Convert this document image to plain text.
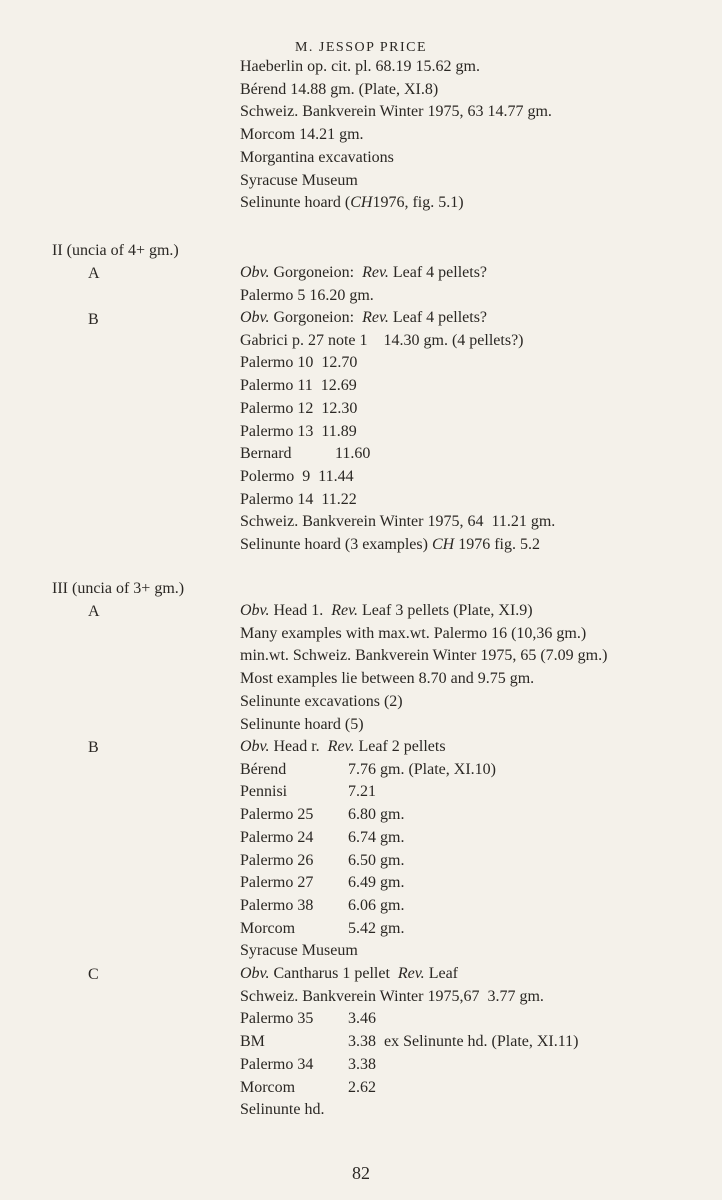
M. JESSOP PRICE
Haeberlin op. cit. pl. 68.19 15.62 gm.
Bérend 14.88 gm. (Plate, XI.8)
Schweiz. Bankverein Winter 1975, 63 14.77 gm.
Morcom 14.21 gm.
Morgantina excavations
Syracuse Museum
Selinunte hoard ( CH 1976, fig. 5.1)
II (uncia of 4+ gm.)
A	Obv. Gorgoneion: Rev. Leaf 4 pellets?
Palermo 5 16.20 gm.
B	Obv. Gorgoneion: Rev. Leaf 4 pellets?
Gabrici p. 27 note 1    14.30 gm. (4 pellets?)
Palermo 10 12.70
Palermo 11 12.69
Palermo 12 12.30
Palermo 13 11.89
Bernard	11.60
Polermo  9 11.44
Palermo 14 11.22
Schweiz. Bankverein Winter 1975, 64  11.21 gm.
Selinunte hoard (3 examples) CH 1976 fig. 5.2
III (uncia of 3+ gm.)
A	Obv. Head 1. Rev. Leaf 3 pellets (Plate, XI.9)
Many examples with max.wt. Palermo 16 (10,36 gm.)
min.wt. Schweiz. Bankverein Winter 1975, 65 (7.09 gm.)
Most examples lie between 8.70 and 9.75 gm.
Selinunte excavations (2)
Selinunte hoard (5)
B	Obv. Head r. Rev. Leaf 2 pellets
Bérend	7.76 gm. (Plate, XI.10)
Pennisi	7.21
Palermo 25	6.80 gm.
Palermo 24	6.74 gm.
Palermo 26	6.50 gm.
Palermo 27	6.49 gm.
Palermo 38	6.06 gm.
Morcom	5.42 gm.
Syracuse Museum
C	Obv. Cantharus 1 pellet Rev. Leaf
Schweiz. Bankverein Winter 1975,67  3.77 gm.
Palermo 35	3.46
BM	3.38  ex Selinunte hd. (Plate, XI.11)
Palermo 34	3.38
Morcom	2.62
Selinunte hd.
82
